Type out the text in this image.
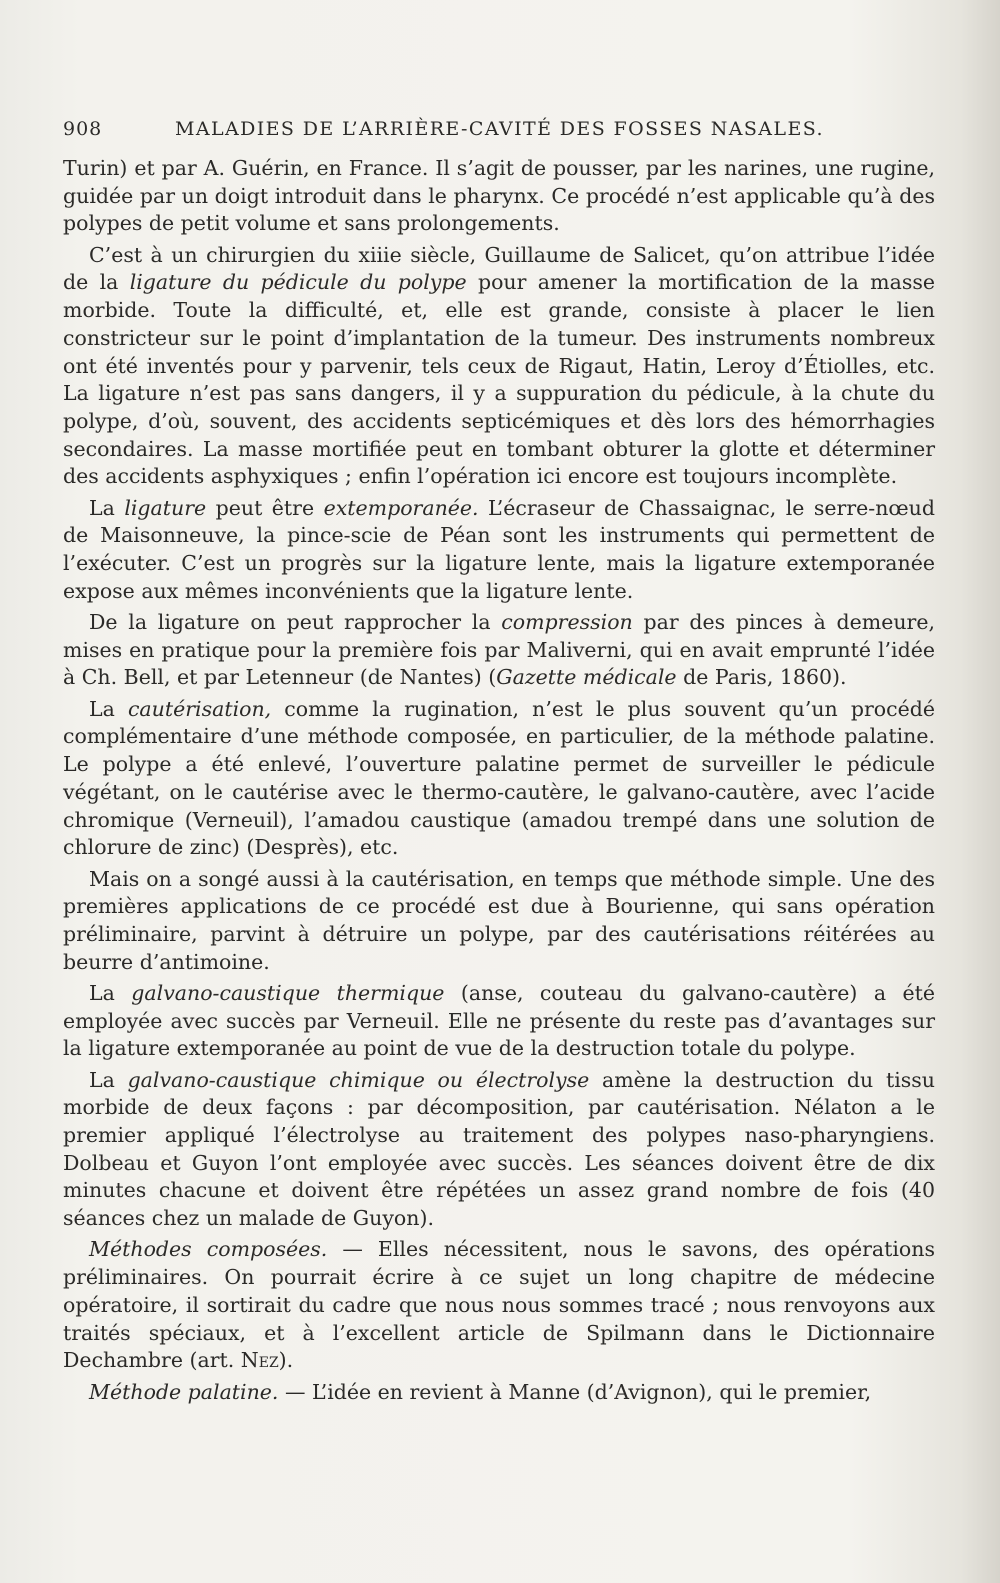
908	MALADIES DE L’ARRIÈRE-CAVITÉ DES FOSSES NASALES.

Turin) et par A. Guérin, en France. Il s’agit de pousser, par les narines, une rugine, guidée par un doigt introduit dans le pharynx. Ce procédé n’est applicable qu’à des polypes de petit volume et sans prolongements.

C’est à un chirurgien du xiiie siècle, Guillaume de Salicet, qu’on attribue l’idée de la ligature du pédicule du polype pour amener la mortification de la masse morbide. Toute la difficulté, et, elle est grande, consiste à placer le lien constricteur sur le point d’implantation de la tumeur. Des instruments nombreux ont été inventés pour y parvenir, tels ceux de Rigaut, Hatin, Leroy d’Étiolles, etc. La ligature n’est pas sans dangers, il y a suppuration du pédicule, à la chute du polype, d’où, souvent, des accidents septicémiques et dès lors des hémorrhagies secondaires. La masse mortifiée peut en tombant obturer la glotte et déterminer des accidents asphyxiques ; enfin l’opération ici encore est toujours incomplète.

La ligature peut être extemporanée. L’écraseur de Chassaignac, le serre-nœud de Maisonneuve, la pince-scie de Péan sont les instruments qui permettent de l’exécuter. C’est un progrès sur la ligature lente, mais la ligature extemporanée expose aux mêmes inconvénients que la ligature lente.

De la ligature on peut rapprocher la compression par des pinces à demeure, mises en pratique pour la première fois par Maliverni, qui en avait emprunté l’idée à Ch. Bell, et par Letenneur (de Nantes) (Gazette médicale de Paris, 1860).

La cautérisation, comme la rugination, n’est le plus souvent qu’un procédé complémentaire d’une méthode composée, en particulier, de la méthode palatine. Le polype a été enlevé, l’ouverture palatine permet de surveiller le pédicule végétant, on le cautérise avec le thermo-cautère, le galvano-cautère, avec l’acide chromique (Verneuil), l’amadou caustique (amadou trempé dans une solution de chlorure de zinc) (Desprès), etc.

Mais on a songé aussi à la cautérisation, en temps que méthode simple. Une des premières applications de ce procédé est due à Bourienne, qui sans opération préliminaire, parvint à détruire un polype, par des cautérisations réitérées au beurre d’antimoine.

La galvano-caustique thermique (anse, couteau du galvano-cautère) a été employée avec succès par Verneuil. Elle ne présente du reste pas d’avantages sur la ligature extemporanée au point de vue de la destruction totale du polype.

La galvano-caustique chimique ou électrolyse amène la destruction du tissu morbide de deux façons : par décomposition, par cautérisation. Nélaton a le premier appliqué l’électrolyse au traitement des polypes naso-pharyngiens. Dolbeau et Guyon l’ont employée avec succès. Les séances doivent être de dix minutes chacune et doivent être répétées un assez grand nombre de fois (40 séances chez un malade de Guyon).

Méthodes composées. — Elles nécessitent, nous le savons, des opérations préliminaires. On pourrait écrire à ce sujet un long chapitre de médecine opératoire, il sortirait du cadre que nous nous sommes tracé ; nous renvoyons aux traités spéciaux, et à l’excellent article de Spilmann dans le Dictionnaire Dechambre (art. Nez).

Méthode palatine. — L’idée en revient à Manne (d’Avignon), qui le premier,
